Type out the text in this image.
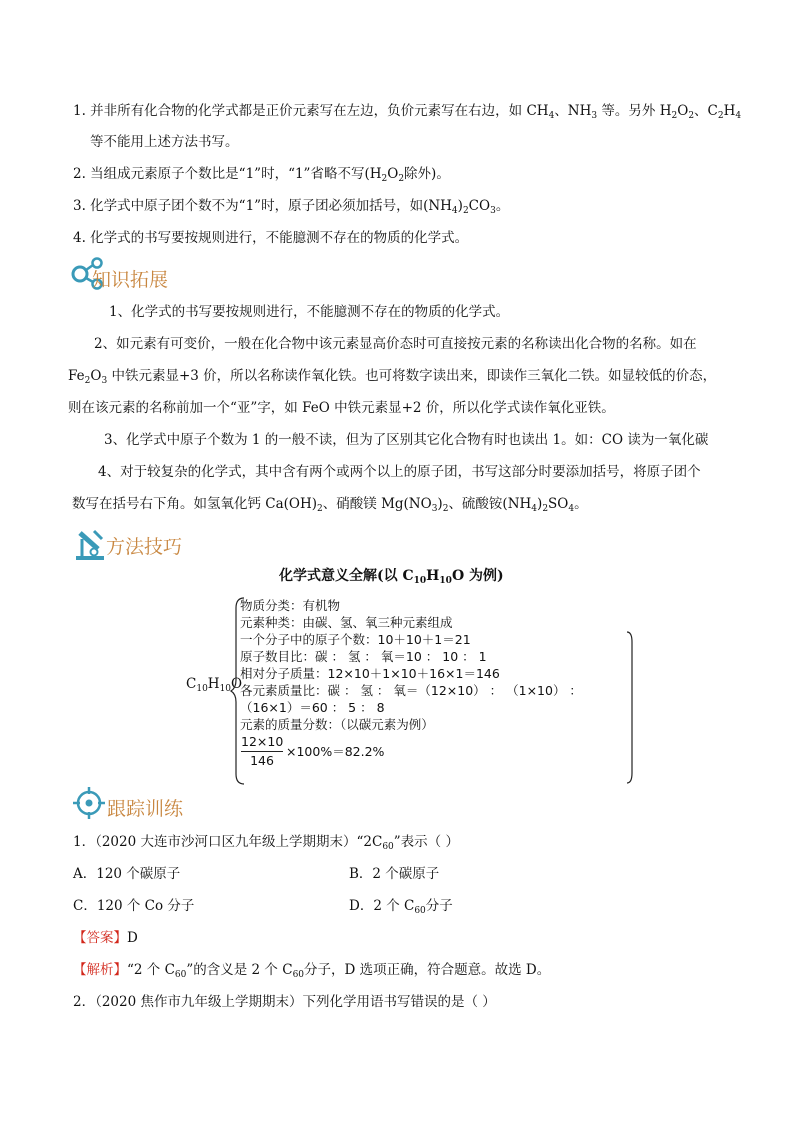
1. 并非所有化合物的化学式都是正价元素写在左边，负价元素写在右边，如 $CH_4$、$NH_3$ 等。另外 $H_2O_2$、$C_2H_4$
等不能用上述方法书写。
2. 当组成元素原子个数比是“1”时，“1”省略不写($H_2O_2$除外)。
3. 化学式中原子团个数不为“1”时，原子团必须加括号，如$(NH_4)_2CO_3$。
4. 化学式的书写要按规则进行，不能臆测不存在的物质的化学式。
知识拓展
1、化学式的书写要按规则进行，不能臆测不存在的物质的化学式。
2、如元素有可变价，一般在化合物中该元素显高价态时可直接按元素的名称读出化合物的名称。如在
$Fe_2O_3$ 中铁元素显+3 价，所以名称读作氧化铁。也可将数字读出来，即读作三氧化二铁。如显较低的价态，
则在该元素的名称前加一个“亚”字，如 FeO 中铁元素显+2 价，所以化学式读作氧化亚铁。
3、化学式中原子个数为 1 的一般不读，但为了区别其它化合物有时也读出 1。如：CO 读为一氧化碳
4、对于较复杂的化学式，其中含有两个或两个以上的原子团，书写这部分时要添加括号，将原子团个
数写在括号右下角。如氢氧化钙 $Ca(OH)_2$、硝酸镁 $Mg(NO_3)_2$、硫酸铵$(NH_4)_2SO_4$。
方法技巧
化学式意义全解(以 $C_{10}H_{10}O$ 为例)
$C_{10}H_{10}O$
物质分类：有机物
元素种类：由碳、氢、氧三种元素组成
一个分子中的原子个数：10＋10＋1＝21
原子数目比：碳 ： 氢 ： 氧＝10 ： 10 ： 1
相对分子质量：12×10＋1×10＋16×1＝146
各元素质量比：碳 ： 氢 ： 氧＝（12×10） ： （1×10） ：
（16×1）＝60 ： 5 ： 8
元素的质量分数：（以碳元素为例）
12×10
146
×100%＝82.2%
跟踪训练
1．（2020 大连市沙河口区九年级上学期期末）“$2C_{60}$”表示（ ）
A．120 个碳原子	B．2 个碳原子
C．120 个 Co 分子	D．2 个 $C_{60}$分子
【答案】D
【解析】“2 个 $C_{60}$”的含义是 2 个 $C_{60}$分子，D 选项正确，符合题意。故选 D。
2．（2020 焦作市九年级上学期期末）下列化学用语书写错误的是（ ）
